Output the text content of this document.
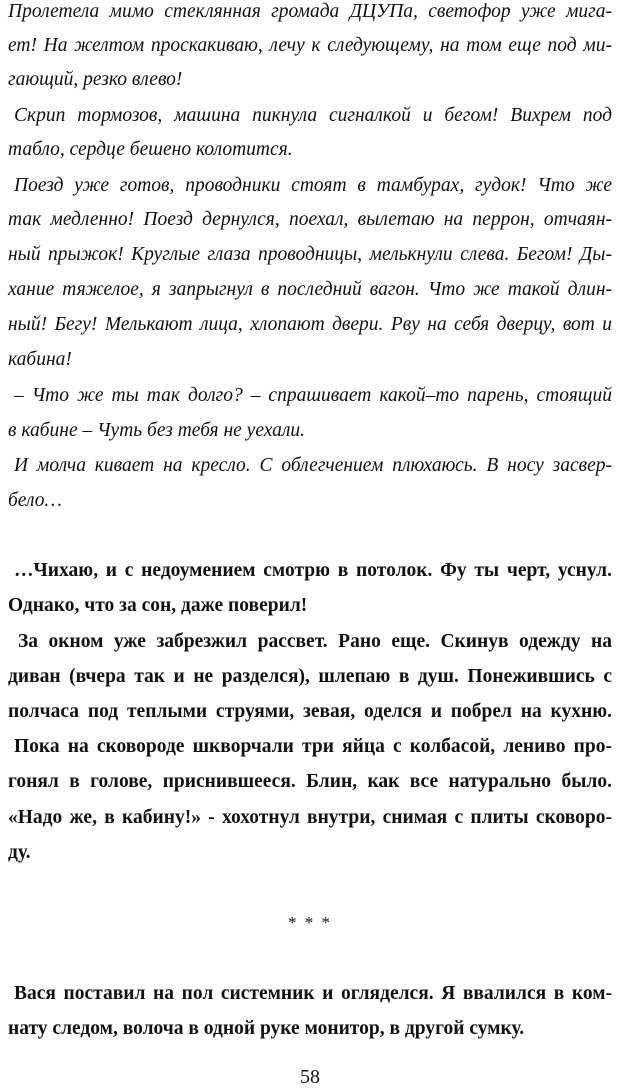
Пролетела мимо стеклянная громада ДЦУПа, светофор уже мига-
ет! На желтом проскакиваю, лечу к следующему, на том еще под ми-
гающий, резко влево!
Скрип тормозов, машина пикнула сигналкой и бегом! Вихрем под
табло, сердце бешено колотится.
Поезд уже готов, проводники стоят в тамбурах, гудок! Что же
так медленно! Поезд дернулся, поехал, вылетаю на перрон, отчаян-
ный прыжок! Круглые глаза проводницы, мелькнули слева. Бегом! Ды-
хание тяжелое, я запрыгнул в последний вагон. Что же такой длин-
ный! Бегу! Мелькают лица, хлопают двери. Рву на себя дверцу, вот и
кабина!
– Что же ты так долго? – спрашивает какой–то парень, стоящий
в кабине – Чуть без тебя не уехали.
И молча кивает на кресло. С облегчением плюхаюсь. В носу засвер-
бело…
…Чихаю, и с недоумением смотрю в потолок. Фу ты черт, уснул.
Однако, что за сон, даже поверил!
За окном уже забрезжил рассвет. Рано еще. Скинув одежду на
диван (вчера так и не разделся), шлепаю в душ. Понежившись с
полчаса под теплыми струями, зевая, оделся и побрел на кухню.
Пока на сковороде шкворчали три яйца с колбасой, лениво про-
гонял в голове, приснившееся. Блин, как все натурально было.
«Надо же, в кабину!» - хохотнул внутри, снимая с плиты сковоро-
ду.
* * *
Вася поставил на пол системник и огляделся. Я ввалился в ком-
нату следом, волоча в одной руке монитор, в другой сумку.
58
